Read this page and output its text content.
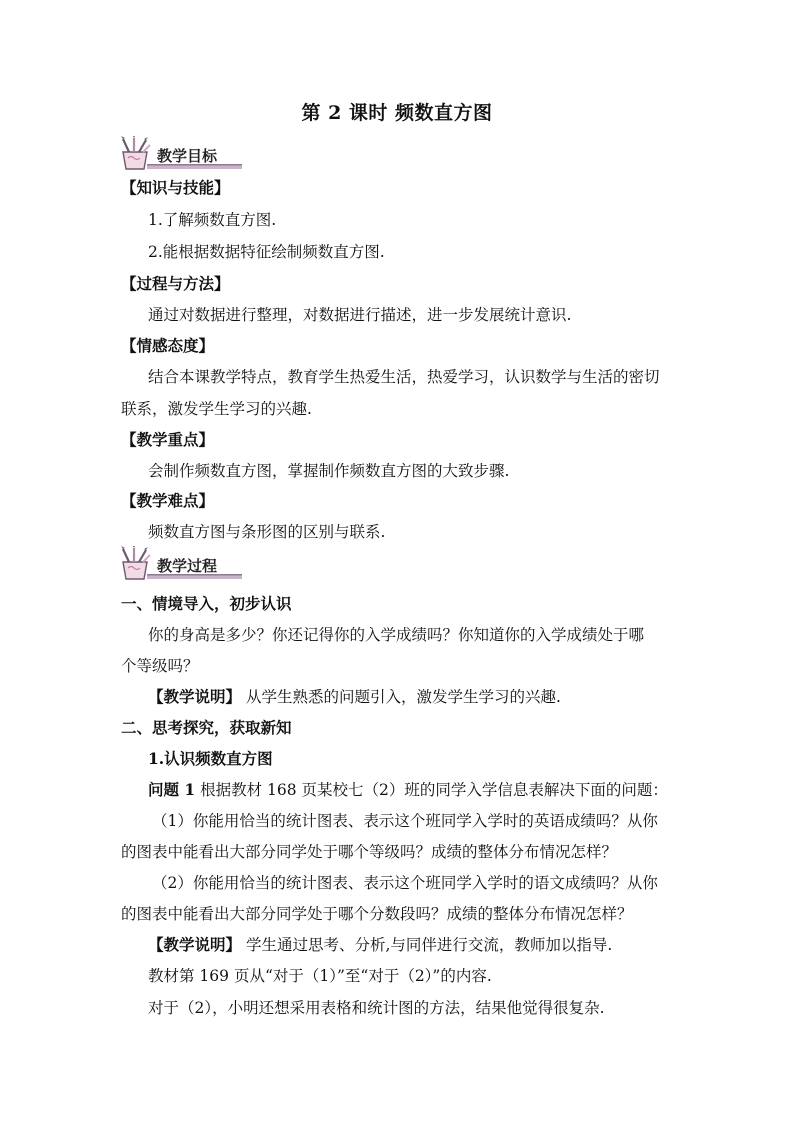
第 2 课时 频数直方图
教学目标
【知识与技能】
1.了解频数直方图.
2.能根据数据特征绘制频数直方图.
【过程与方法】
通过对数据进行整理，对数据进行描述，进一步发展统计意识.
【情感态度】
结合本课教学特点，教育学生热爱生活，热爱学习，认识数学与生活的密切
联系，激发学生学习的兴趣.
【教学重点】
会制作频数直方图，掌握制作频数直方图的大致步骤.
【教学难点】
频数直方图与条形图的区别与联系.
教学过程
一、情境导入，初步认识
你的身高是多少？你还记得你的入学成绩吗？你知道你的入学成绩处于哪
个等级吗？
【教学说明】 从学生熟悉的问题引入，激发学生学习的兴趣.
二、思考探究，获取新知
1.认识频数直方图
问题 1 根据教材 168 页某校七（2）班的同学入学信息表解决下面的问题：
（1）你能用恰当的统计图表、表示这个班同学入学时的英语成绩吗？从你
的图表中能看出大部分同学处于哪个等级吗？成绩的整体分布情况怎样？
（2）你能用恰当的统计图表、表示这个班同学入学时的语文成绩吗？从你
的图表中能看出大部分同学处于哪个分数段吗？成绩的整体分布情况怎样？
【教学说明】 学生通过思考、分析,与同伴进行交流，教师加以指导.
教材第 169 页从“对于（1）”至“对于（2）”的内容.
对于（2），小明还想采用表格和统计图的方法，结果他觉得很复杂.
